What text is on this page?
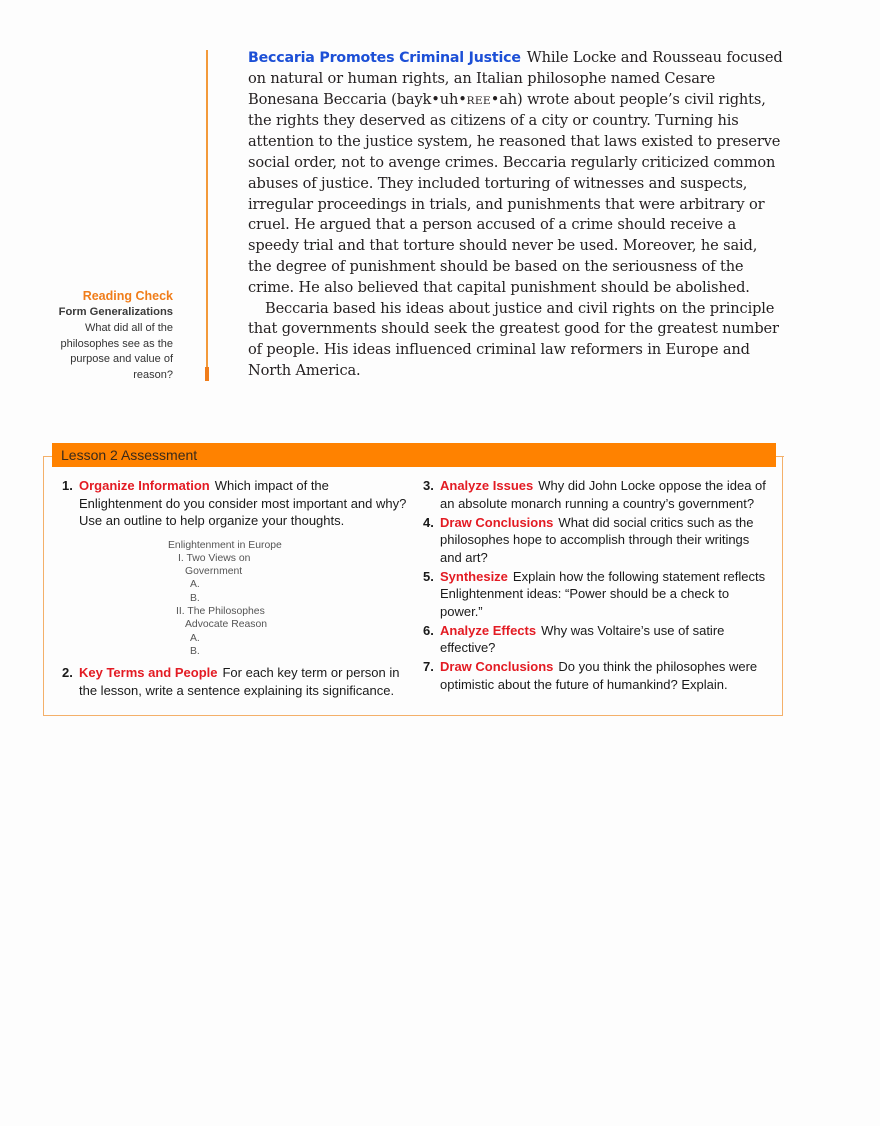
Beccaria Promotes Criminal Justice While Locke and Rousseau focused on natural or human rights, an Italian philosophe named Cesare Bonesana Beccaria (bayk•uh•REE•ah) wrote about people’s civil rights, the rights they deserved as citizens of a city or country. Turning his attention to the justice system, he reasoned that laws existed to preserve social order, not to avenge crimes. Beccaria regularly criticized common abuses of justice. They included torturing of witnesses and suspects, irregular proceedings in trials, and punishments that were arbitrary or cruel. He argued that a person accused of a crime should receive a speedy trial and that torture should never be used. Moreover, he said, the degree of punishment should be based on the seriousness of the crime. He also believed that capital punishment should be abolished.

Beccaria based his ideas about justice and civil rights on the principle that governments should seek the greatest good for the greatest number of people. His ideas influenced criminal law reformers in Europe and North America.

Reading Check
Form Generalizations
What did all of the philosophes see as the purpose and value of reason?
Lesson 2 Assessment
1. Organize Information Which impact of the Enlightenment do you consider most important and why? Use an outline to help organize your thoughts.
Enlightenment in Europe
I. Two Views on
Government
A.
B.
II. The Philosophes
Advocate Reason
A.
B.
2. Key Terms and People For each key term or person in the lesson, write a sentence explaining its significance.
3. Analyze Issues Why did John Locke oppose the idea of an absolute monarch running a country’s government?
4. Draw Conclusions What did social critics such as the philosophes hope to accomplish through their writings and art?
5. Synthesize Explain how the following statement reflects Enlightenment ideas: “Power should be a check to power.”
6. Analyze Effects Why was Voltaire’s use of satire effective?
7. Draw Conclusions Do you think the philosophes were optimistic about the future of humankind? Explain.
